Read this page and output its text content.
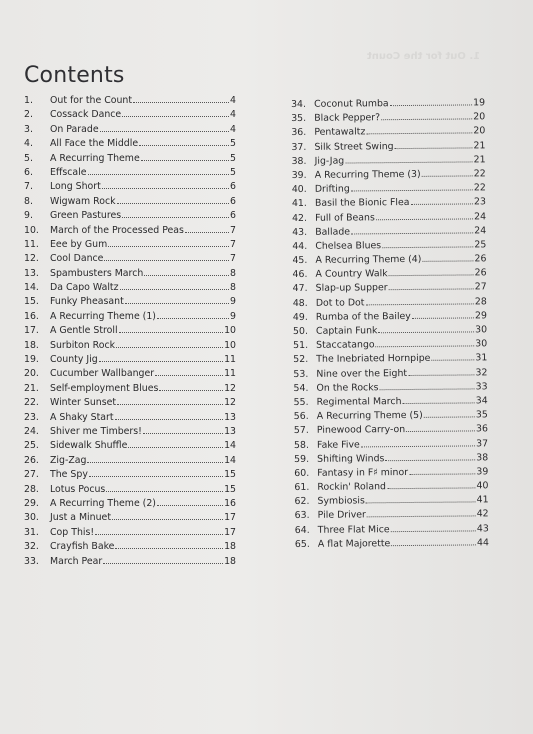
1. Out for the Count
Contents
1.	Out for the Count	4
2.	Cossack Dance	4
3.	On Parade	4
4.	All Face the Middle	5
5.	A Recurring Theme	5
6.	Effscale	5
7.	Long Short	6
8.	Wigwam Rock	6
9.	Green Pastures	6
10.	March of the Processed Peas	7
11.	Eee by Gum	7
12.	Cool Dance	7
13.	Spambusters March	8
14.	Da Capo Waltz	8
15.	Funky Pheasant	9
16.	A Recurring Theme (1)	9
17.	A Gentle Stroll	10
18.	Surbiton Rock	10
19.	County Jig	11
20.	Cucumber Wallbanger	11
21.	Self-employment Blues	12
22.	Winter Sunset	12
23.	A Shaky Start	13
24.	Shiver me Timbers!	13
25.	Sidewalk Shuffle	14
26.	Zig-Zag	14
27.	The Spy	15
28.	Lotus Pocus	15
29.	A Recurring Theme (2)	16
30.	Just a Minuet	17
31.	Cop This!	17
32.	Crayfish Bake	18
33.	March Pear	18
34. Coconut Rumba	19
35. Black Pepper?	20
36. Pentawaltz	20
37. Silk Street Swing	21
38. Jig-Jag	21
39. A Recurring Theme (3)	22
40. Drifting	22
41. Basil the Bionic Flea	23
42. Full of Beans	24
43. Ballade	24
44. Chelsea Blues	25
45. A Recurring Theme (4)	26
46. A Country Walk	26
47. Slap-up Supper	27
48. Dot to Dot	28
49. Rumba of the Bailey	29
50. Captain Funk	30
51. Staccatango	30
52. The Inebriated Hornpipe	31
53. Nine over the Eight	32
54. On the Rocks	33
55. Regimental March	34
56. A Recurring Theme (5)	35
57. Pinewood Carry-on	36
58. Fake Five	37
59. Shifting Winds	38
60. Fantasy in F♯ minor	39
61. Rockin' Roland	40
62. Symbiosis	41
63. Pile Driver	42
64. Three Flat Mice	43
65. A flat Majorette	44
